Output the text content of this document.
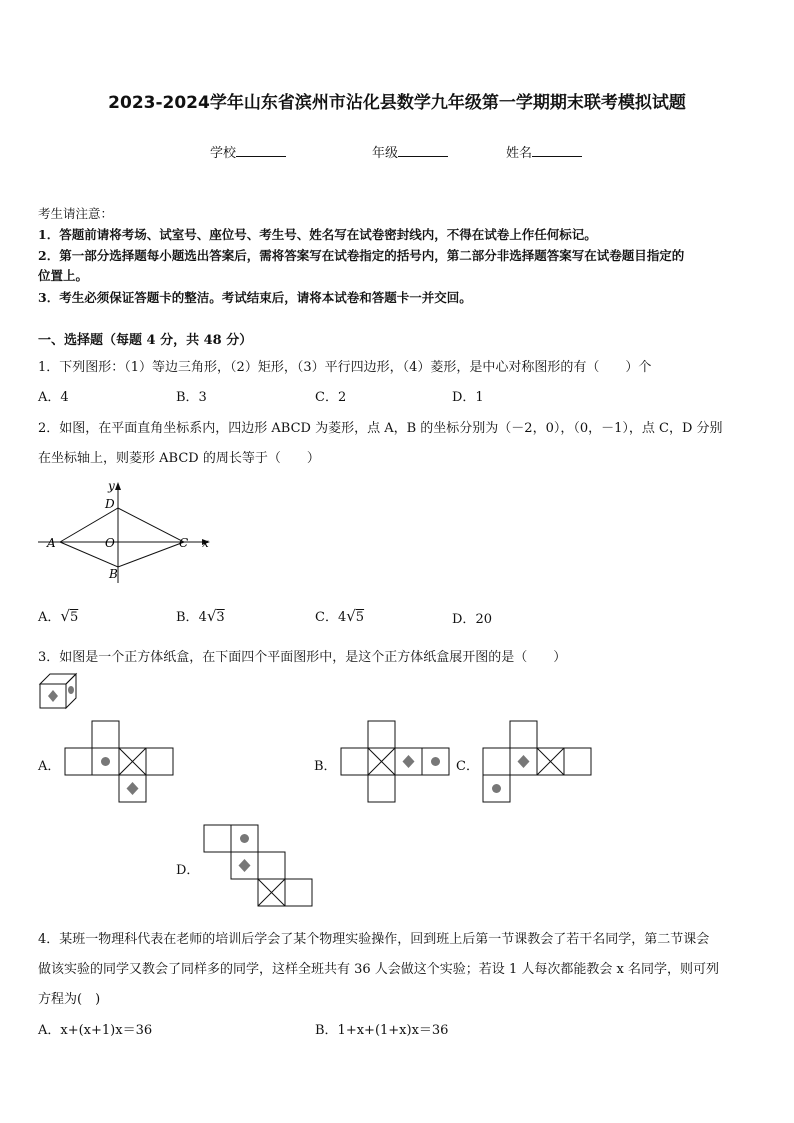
2023-2024学年山东省滨州市沾化县数学九年级第一学期期末联考模拟试题
学校	年级	姓名
考生请注意：
1．答题前请将考场、试室号、座位号、考生号、姓名写在试卷密封线内，不得在试卷上作任何标记。
2．第一部分选择题每小题选出答案后，需将答案写在试卷指定的括号内，第二部分非选择题答案写在试卷题目指定的
位置上。
3．考生必须保证答题卡的整洁。考试结束后，请将本试卷和答题卡一并交回。
一、选择题（每题 4 分，共 48 分）
1．下列图形：（1）等边三角形，（2）矩形，（3）平行四边形，（4）菱形，是中心对称图形的有（　　）个
A．4	B．3	C．2	D．1
2．如图，在平面直角坐标系内，四边形 ABCD 为菱形，点 A，B 的坐标分别为（－2，0），（0，－1），点 C，D 分别
在坐标轴上，则菱形 ABCD 的周长等于（　　）
y
x
A	C
D
B
O
A．√5	B．4√3	C．4√5	D．20
3．如图是一个正方体纸盒，在下面四个平面图形中，是这个正方体纸盒展开图的是（　　）
A．	B．	C．
D．
4．某班一物理科代表在老师的培训后学会了某个物理实验操作，回到班上后第一节课教会了若干名同学，第二节课会
做该实验的同学又教会了同样多的同学，这样全班共有 36 人会做这个实验；若设 1 人每次都能教会 x 名同学，则可列
方程为(　)
A．x+(x+1)x＝36	B．1+x+(1+x)x＝36
